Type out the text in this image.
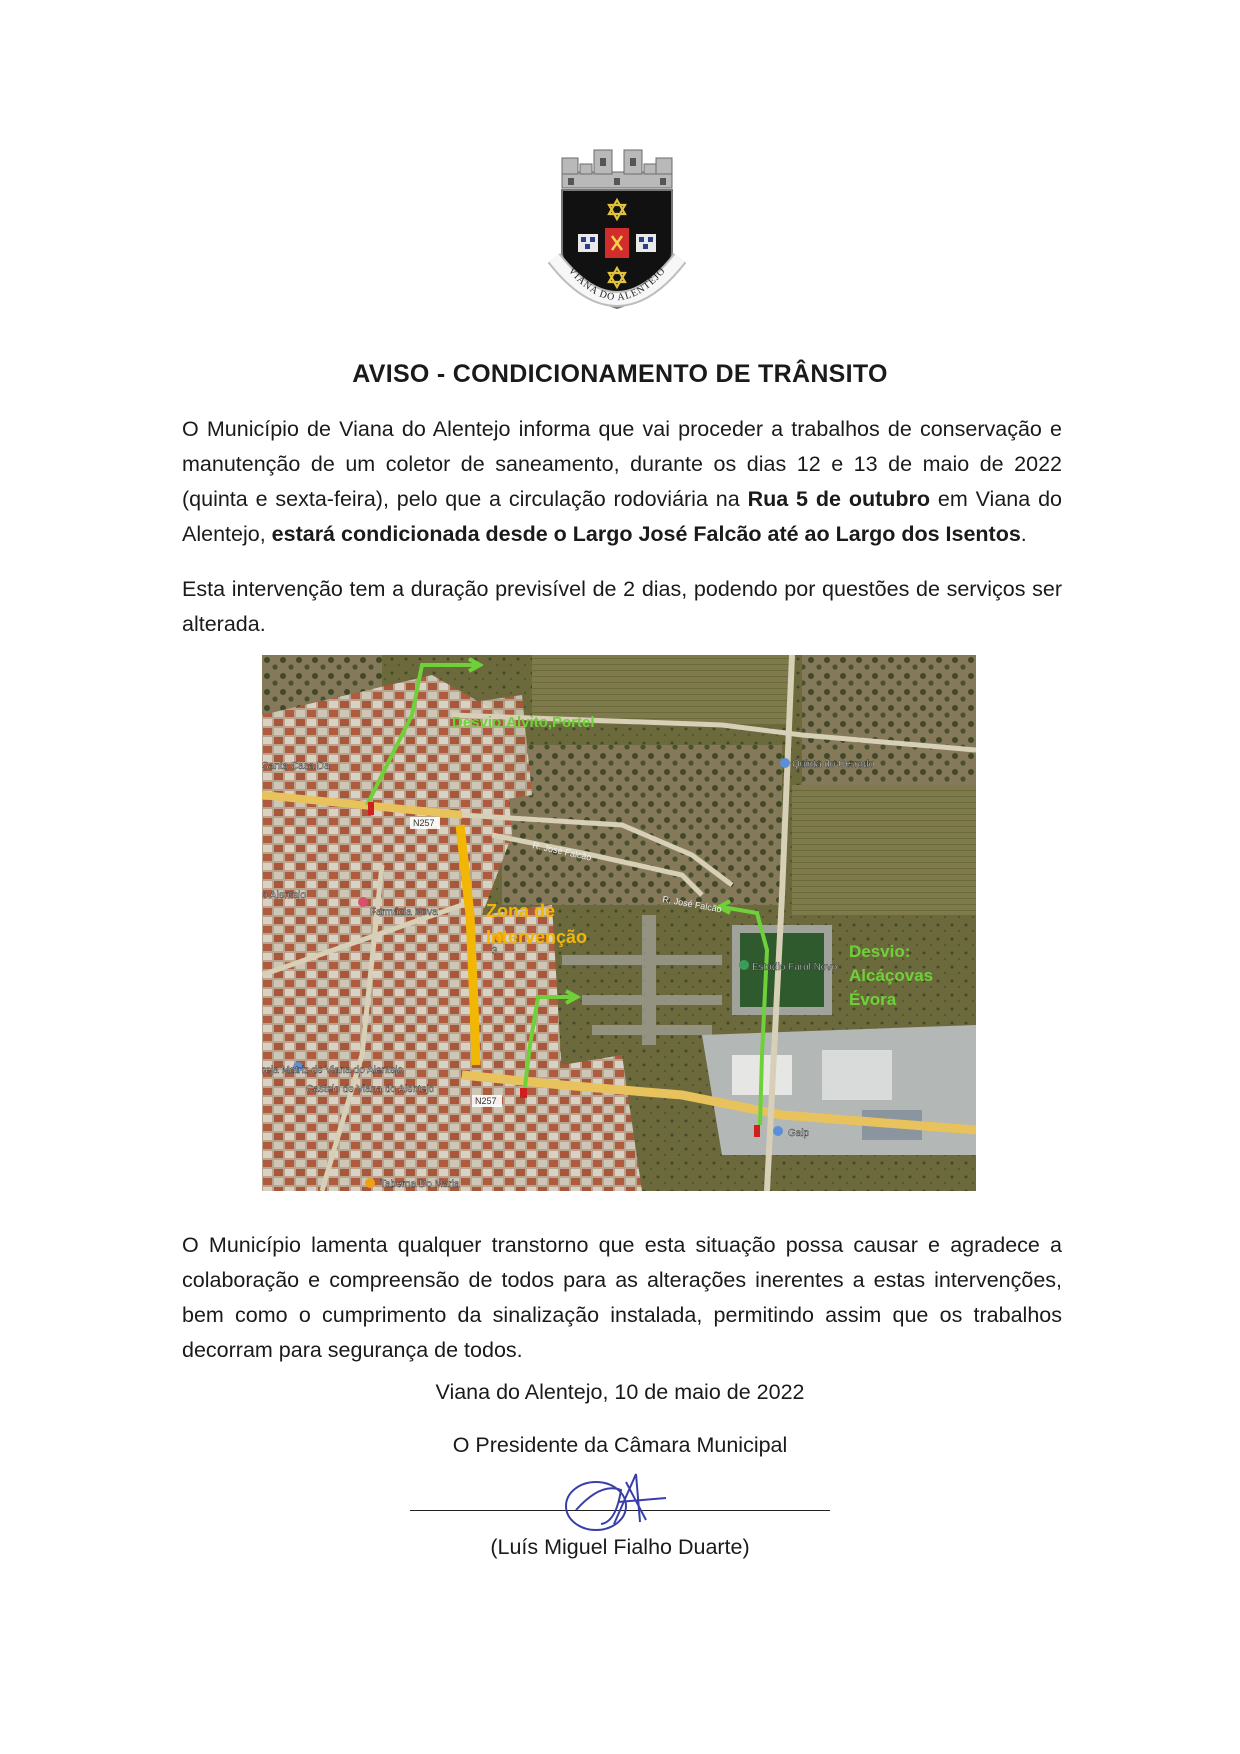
VIANA DO ALENTEJO
AVISO - CONDICIONAMENTO DE TRÂNSITO
O Município de Viana do Alentejo informa que vai proceder a trabalhos de conservação e manutenção de um coletor de saneamento, durante os dias 12 e 13 de maio de 2022 (quinta e sexta-feira), pelo que a circulação rodoviária na Rua 5 de outubro em Viana do Alentejo, estará condicionada desde o Largo José Falcão até ao Largo dos Isentos.
Esta intervenção tem a duração previsível de 2 dias, podendo por questões de serviços ser alterada.
Desvio:Alvito,Portel
Zona de
Intervenção
Desvio:
Alcáçovas
Évora
Santa Casa Da	Quinta do Cerrado
o Alentejo
Farmácia Nova
Estádio Farol Novo
reja Matriz de Viana do Alentejo
Castelo de Viana do Alentejo
Taberna Do Maria
Galp
3
N257
N257
R. José Falcão
R. José Falcão
O Município lamenta qualquer transtorno que esta situação possa causar e agradece a colaboração e compreensão de todos para as alterações inerentes a estas intervenções, bem como o cumprimento da sinalização instalada, permitindo assim que os trabalhos decorram para segurança de todos.
Viana do Alentejo, 10 de maio de 2022
O Presidente da Câmara Municipal
(Luís Miguel Fialho Duarte)
